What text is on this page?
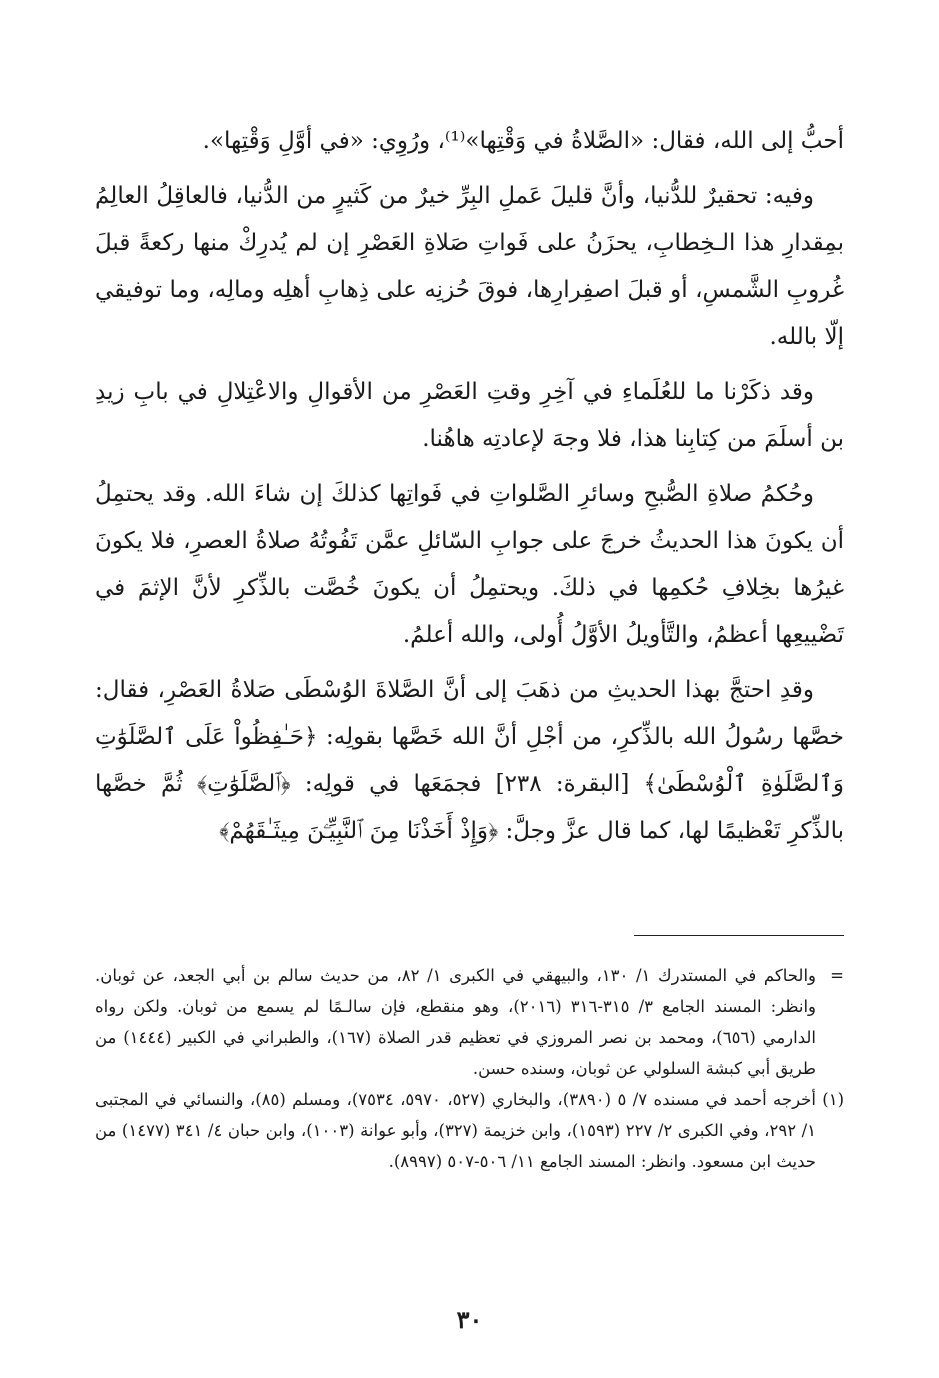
أحبُّ إلى الله، فقال: «الصَّلاةُ في وَقْتِها»⁽¹⁾، ورُوِي: «في أوَّلِ وَقْتِها».

وفيه: تحقيرٌ للدُّنيا، وأنَّ قليلَ عَملِ البِرِّ خيرٌ من كَثيرٍ من الدُّنيا، فالعاقِلُ العالِمُ بمِقدارِ هذا الـخِطابِ، يحزَنُ على فَواتِ صَلاةِ العَصْرِ إن لم يُدرِكْ منها ركعةً قبلَ غُروبِ الشَّمسِ، أو قبلَ اصفِرارِها، فوقَ حُزنِه على ذِهابِ أهلِه ومالِه، وما توفيقي إلّا بالله.

وقد ذكَرْنا ما للعُلَماءِ في آخِرِ وقتِ العَصْرِ من الأقوالِ والاعْتِلالِ في بابِ زيدِ بن أسلَمَ من كِتابِنا هذا، فلا وجهَ لإعادتِه هاهُنا.

وحُكمُ صلاةِ الصُّبحِ وسائرِ الصَّلواتِ في فَواتِها كذلكَ إن شاءَ الله. وقد يحتمِلُ أن يكونَ هذا الحديثُ خرجَ على جوابِ السّائلِ عمَّن تَفُوتُهُ صلاةُ العصرِ، فلا يكونَ غيرُها بخِلافِ حُكمِها في ذلكَ. ويحتمِلُ أن يكونَ خُصَّت بالذِّكرِ لأنَّ الإثمَ في تَضْييعِها أعظمُ، والتَّأويلُ الأوَّلُ أُولى، والله أعلمُ.

وقدِ احتجَّ بهذا الحديثِ من ذهَبَ إلى أنَّ الصَّلاةَ الوُسْطَى صَلاةُ العَصْرِ، فقال: خصَّها رسُولُ الله بالذِّكرِ، من أجْلِ أنَّ الله خَصَّها بقولِه: ﴿حَـٰفِظُواْ عَلَى ٱلصَّلَوَٰتِ وَٱلصَّلَوٰةِ ٱلْوُسْطَىٰ﴾ [البقرة: ٢٣٨] فجمَعَها في قولِه: ﴿ٱلصَّلَوَٰتِ﴾ ثُمَّ خصَّها بالذِّكرِ تَعْظيمًا لها، كما قال عزَّ وجلَّ: ﴿وَإِذْ أَخَذْنَا مِنَ ٱلنَّبِيِّـۧنَ مِيثَـٰقَهُمْ﴾

=
والحاكم في المستدرك ١/ ١٣٠، والبيهقي في الكبرى ١/ ٨٢، من حديث سالم بن أبي الجعد، عن ثوبان. وانظر: المسند الجامع ٣/ ٣١٥-٣١٦ (٢٠١٦)، وهو منقطع، فإن سالـمًا لم يسمع من ثوبان. ولكن رواه الدارمي (٦٥٦)، ومحمد بن نصر المروزي في تعظيم قدر الصلاة (١٦٧)، والطبراني في الكبير (١٤٤٤) من طريق أبي كبشة السلولي عن ثوبان، وسنده حسن.

(١)
أخرجه أحمد في مسنده ٧/ ٥ (٣٨٩٠)، والبخاري (٥٢٧، ٥٩٧٠، ٧٥٣٤)، ومسلم (٨٥)، والنسائي في المجتبى ١/ ٢٩٢، وفي الكبرى ٢/ ٢٢٧ (١٥٩٣)، وابن خزيمة (٣٢٧)، وأبو عوانة (١٠٠٣)، وابن حبان ٤/ ٣٤١ (١٤٧٧) من حديث ابن مسعود. وانظر: المسند الجامع ١١/ ٥٠٦-٥٠٧ (٨٩٩٧).

٣٠
